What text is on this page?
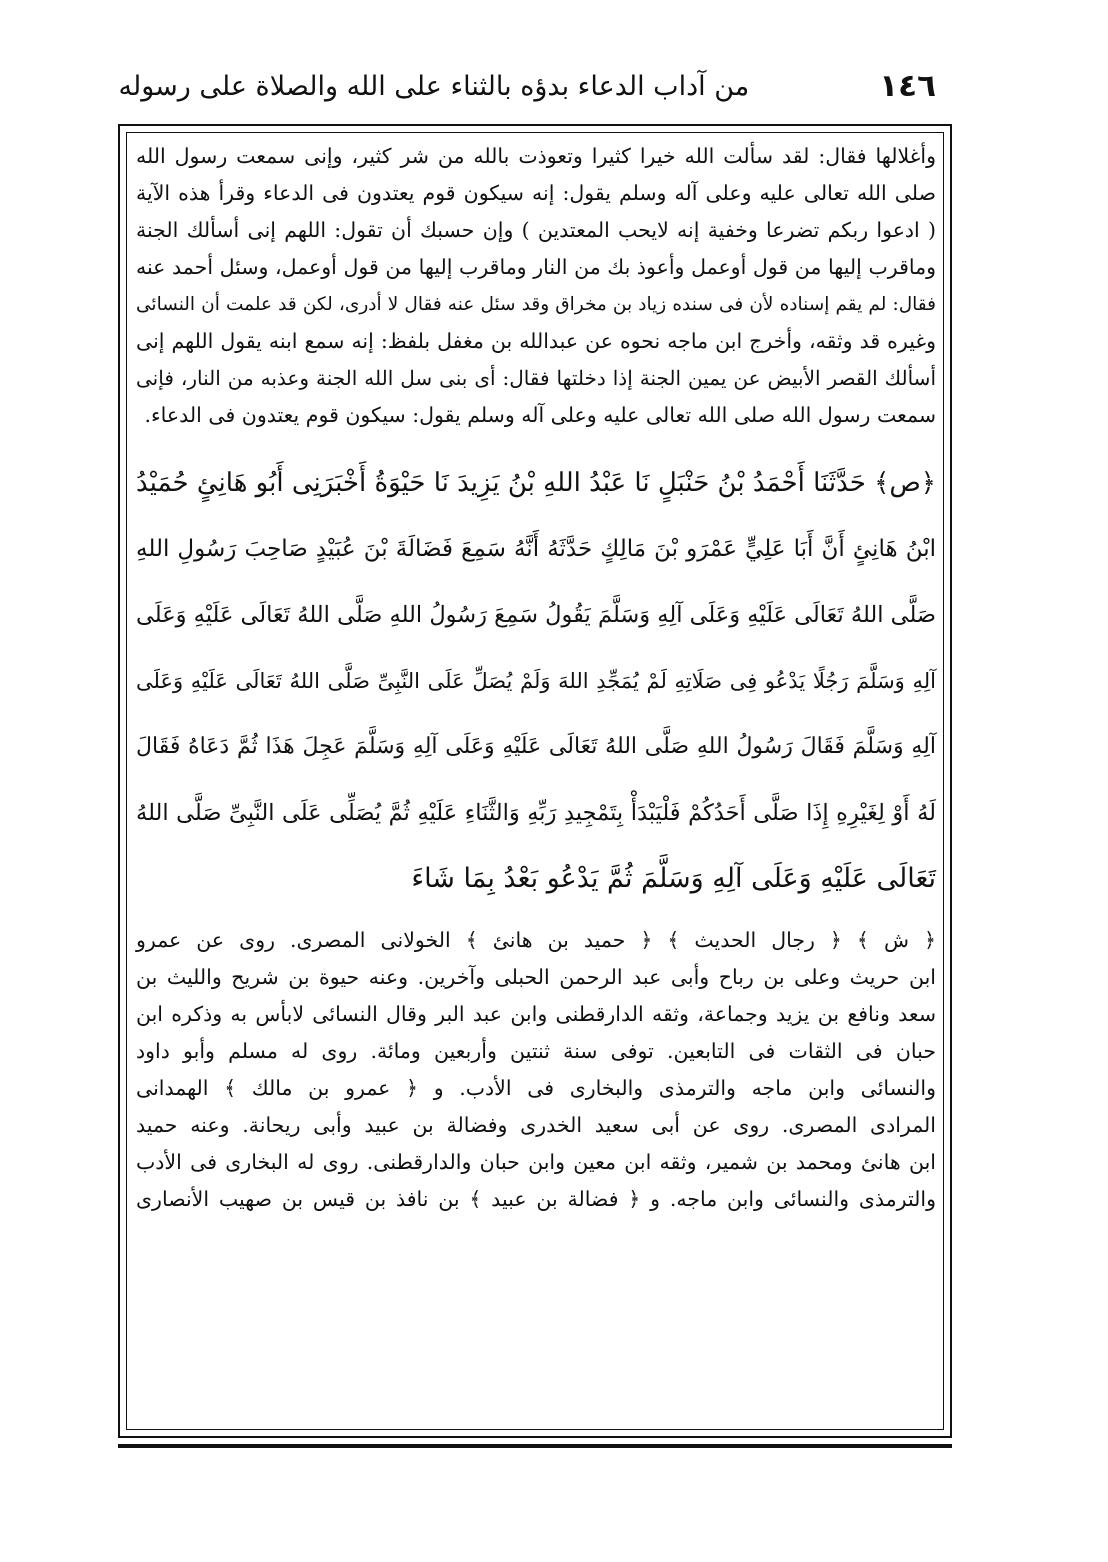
١٤٦
من آداب الدعاء بدؤه بالثناء على الله والصلاة على رسوله

وأغلالها فقال: لقد سألت الله خيرا كثيرا وتعوذت بالله من شر كثير، وإنى سمعت رسول الله
صلى الله تعالى عليه وعلى آله وسلم يقول: إنه سيكون قوم يعتدون فى الدعاء وقرأ هذه الآية
( ادعوا ربكم تضرعا وخفية إنه لايحب المعتدين ) وإن حسبك أن تقول: اللهم إنى أسألك الجنة
وماقرب إليها من قول أوعمل وأعوذ بك من النار وماقرب إليها من قول أوعمل، وسئل أحمد عنه
فقال: لم يقم إسناده لأن فى سنده زياد بن مخراق وقد سئل عنه فقال لا أدرى، لكن قد علمت أن النسائى
وغيره قد وثقه، وأخرج ابن ماجه نحوه عن عبدالله بن مغفل بلفظ: إنه سمع ابنه يقول اللهم إنى
أسألك القصر الأبيض عن يمين الجنة إذا دخلتها فقال: أى بنى سل الله الجنة وعذبه من النار، فإنى
سمعت رسول الله صلى الله تعالى عليه وعلى آله وسلم يقول: سيكون قوم يعتدون فى الدعاء.

﴿ص﴾ حَدَّثَنَا أَحْمَدُ بْنُ حَنْبَلٍ نَا عَبْدُ اللهِ بْنُ يَزِيدَ نَا حَيْوَةُ أَخْبَرَنِى أَبُو هَانِئٍ حُمَيْدُ
ابْنُ هَانِئٍ أَنَّ أَبَا عَلِيٍّ عَمْرَو بْنَ مَالِكٍ حَدَّثَهُ أَنَّهُ سَمِعَ فَضَالَةَ بْنَ عُبَيْدٍ صَاحِبَ رَسُولِ اللهِ
صَلَّى اللهُ تَعَالَى عَلَيْهِ وَعَلَى آلِهِ وَسَلَّمَ يَقُولُ سَمِعَ رَسُولُ اللهِ صَلَّى اللهُ تَعَالَى عَلَيْهِ وَعَلَى
آلِهِ وَسَلَّمَ رَجُلًا يَدْعُو فِى صَلَاتِهِ لَمْ يُمَجِّدِ اللهَ وَلَمْ يُصَلِّ عَلَى النَّبِىِّ صَلَّى اللهُ تَعَالَى عَلَيْهِ وَعَلَى
آلِهِ وَسَلَّمَ فَقَالَ رَسُولُ اللهِ صَلَّى اللهُ تَعَالَى عَلَيْهِ وَعَلَى آلِهِ وَسَلَّمَ عَجِلَ هَذَا ثُمَّ دَعَاهُ فَقَالَ
لَهُ أَوْ لِغَيْرِهِ إِذَا صَلَّى أَحَدُكُمْ فَلْيَبْدَأْ بِتَمْجِيدِ رَبِّهِ وَالثَّنَاءِ عَلَيْهِ ثُمَّ يُصَلِّى عَلَى النَّبِىِّ صَلَّى اللهُ
تَعَالَى عَلَيْهِ وَعَلَى آلِهِ وَسَلَّمَ ثُمَّ يَدْعُو بَعْدُ بِمَا شَاءَ

﴿ ش ﴾ ﴿ رجال الحديث ﴾ ﴿ حميد بن هانئ ﴾ الخولانى المصرى. روى عن عمرو
ابن حريث وعلى بن رباح وأبى عبد الرحمن الحبلى وآخرين. وعنه حيوة بن شريح والليث بن
سعد ونافع بن يزيد وجماعة، وثقه الدارقطنى وابن عبد البر وقال النسائى لابأس به وذكره ابن
حبان فى الثقات فى التابعين. توفى سنة ثنتين وأربعين ومائة. روى له مسلم وأبو داود
والنسائى وابن ماجه والترمذى والبخارى فى الأدب. و ﴿ عمرو بن مالك ﴾ الهمدانى
المرادى المصرى. روى عن أبى سعيد الخدرى وفضالة بن عبيد وأبى ريحانة. وعنه حميد
ابن هانئ ومحمد بن شمير، وثقه ابن معين وابن حبان والدارقطنى. روى له البخارى فى الأدب
والترمذى والنسائى وابن ماجه. و ﴿ فضالة بن عبيد ﴾ بن نافذ بن قيس بن صهيب الأنصارى
